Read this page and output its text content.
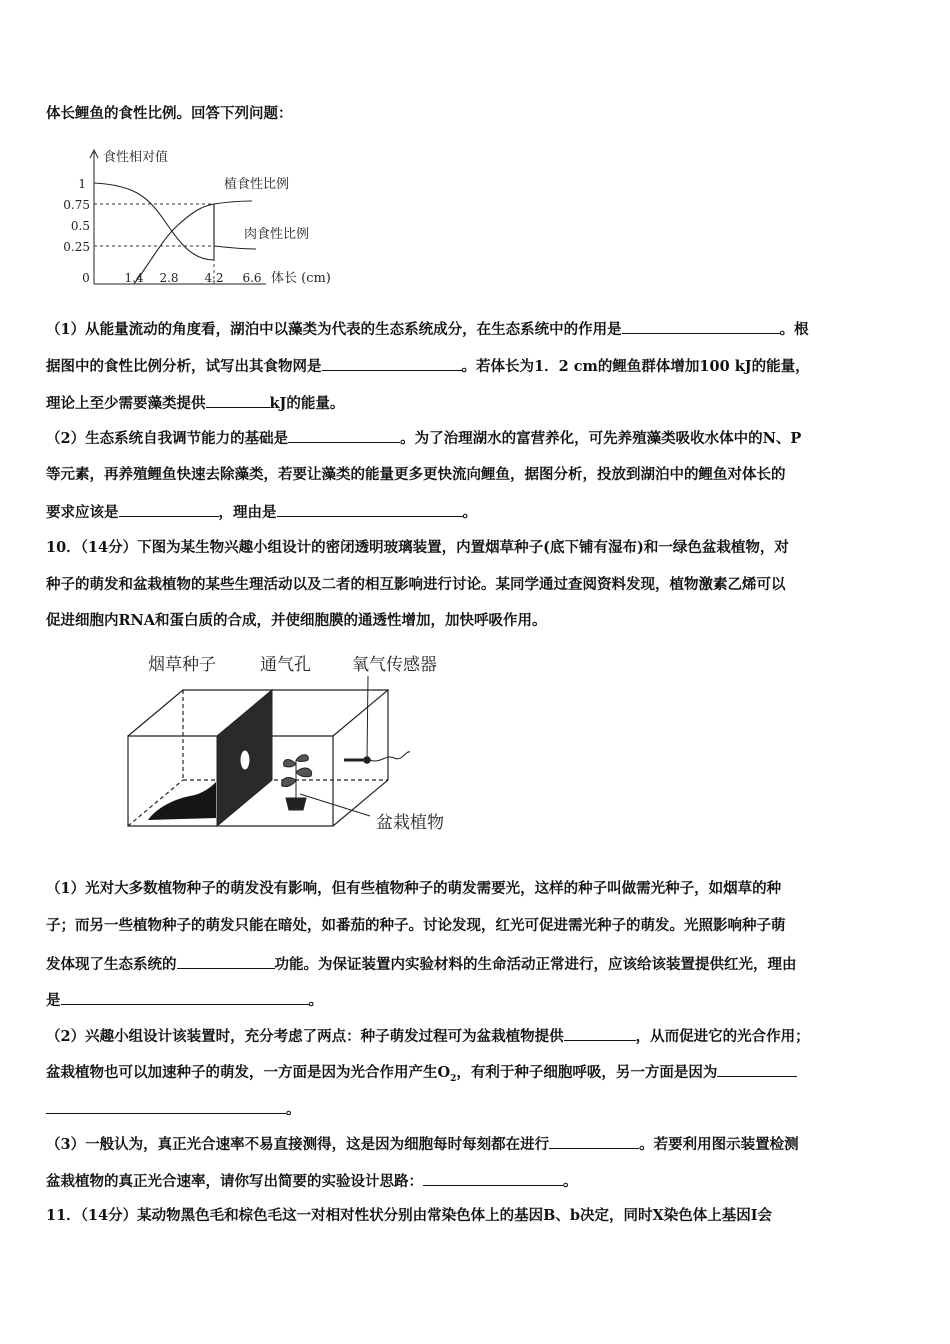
体长鲤鱼的食性比例。回答下列问题：
食性相对值
1
0.75
0.5
0.25
0	1.4 2.8 4.2 6.6 体长 (cm)
植食性比例
肉食性比例
（1）从能量流动的角度看，湖泊中以藻类为代表的生态系统成分，在生态系统中的作用是	。根
据图中的食性比例分析，试写出其食物网是	。若体长为1．2 cm的鲤鱼群体增加100 kJ的能量，
理论上至少需要藻类提供	kJ的能量。
（2）生态系统自我调节能力的基础是	。为了治理湖水的富营养化，可先养殖藻类吸收水体中的N、P
等元素，再养殖鲤鱼快速去除藻类，若要让藻类的能量更多更快流向鲤鱼，据图分析，投放到湖泊中的鲤鱼对体长的
要求应该是	，理由是	。
10．（14分）下图为某生物兴趣小组设计的密闭透明玻璃装置，内置烟草种子(底下铺有湿布)和一绿色盆栽植物，对
种子的萌发和盆栽植物的某些生理活动以及二者的相互影响进行讨论。某同学通过查阅资料发现，植物激素乙烯可以
促进细胞内RNA和蛋白质的合成，并使细胞膜的通透性增加，加快呼吸作用。
烟草种子	通气孔 氧气传感器
盆栽植物
（1）光对大多数植物种子的萌发没有影响，但有些植物种子的萌发需要光，这样的种子叫做需光种子，如烟草的种
子；而另一些植物种子的萌发只能在暗处，如番茄的种子。讨论发现，红光可促进需光种子的萌发。光照影响种子萌
发体现了生态系统的	功能。为保证装置内实验材料的生命活动正常进行，应该给该装置提供红光，理由
是	。
（2）兴趣小组设计该装置时，充分考虑了两点：种子萌发过程可为盆栽植物提供	，从而促进它的光合作用；
盆栽植物也可以加速种子的萌发，一方面是因为光合作用产生$O_2$，有利于种子细胞呼吸，另一方面是因为
。
（3）一般认为，真正光合速率不易直接测得，这是因为细胞每时每刻都在进行	。若要利用图示装置检测
盆栽植物的真正光合速率，请你写出简要的实验设计思路：	。
11．（14分）某动物黑色毛和棕色毛这一对相对性状分别由常染色体上的基因B、b决定，同时X染色体上基因I会
